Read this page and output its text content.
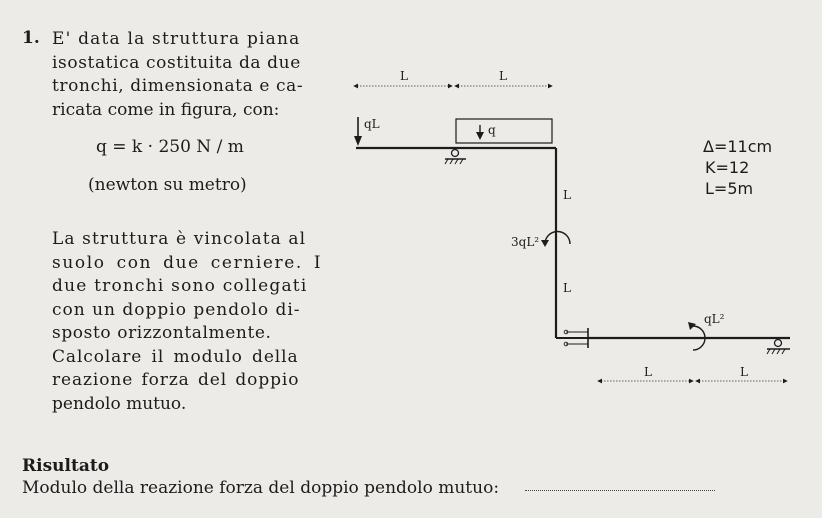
1. E' data la struttura piana
isostatica costituita da due
tronchi, dimensionata e ca-
ricata come in figura, con:
q = k · 250 N / m
(newton su metro)
La struttura è vincolata al
suolo con due cerniere. I
due tronchi sono collegati
con un doppio pendolo di-
sposto orizzontalmente.
Calcolare il modulo della
reazione forza del doppio
pendolo mutuo.
Δ=11cm
K=12
L=5m
L	L
qL	q
L
L
3qL²
qL²
L	L
Risultato
Modulo della reazione forza del doppio pendolo mutuo:
